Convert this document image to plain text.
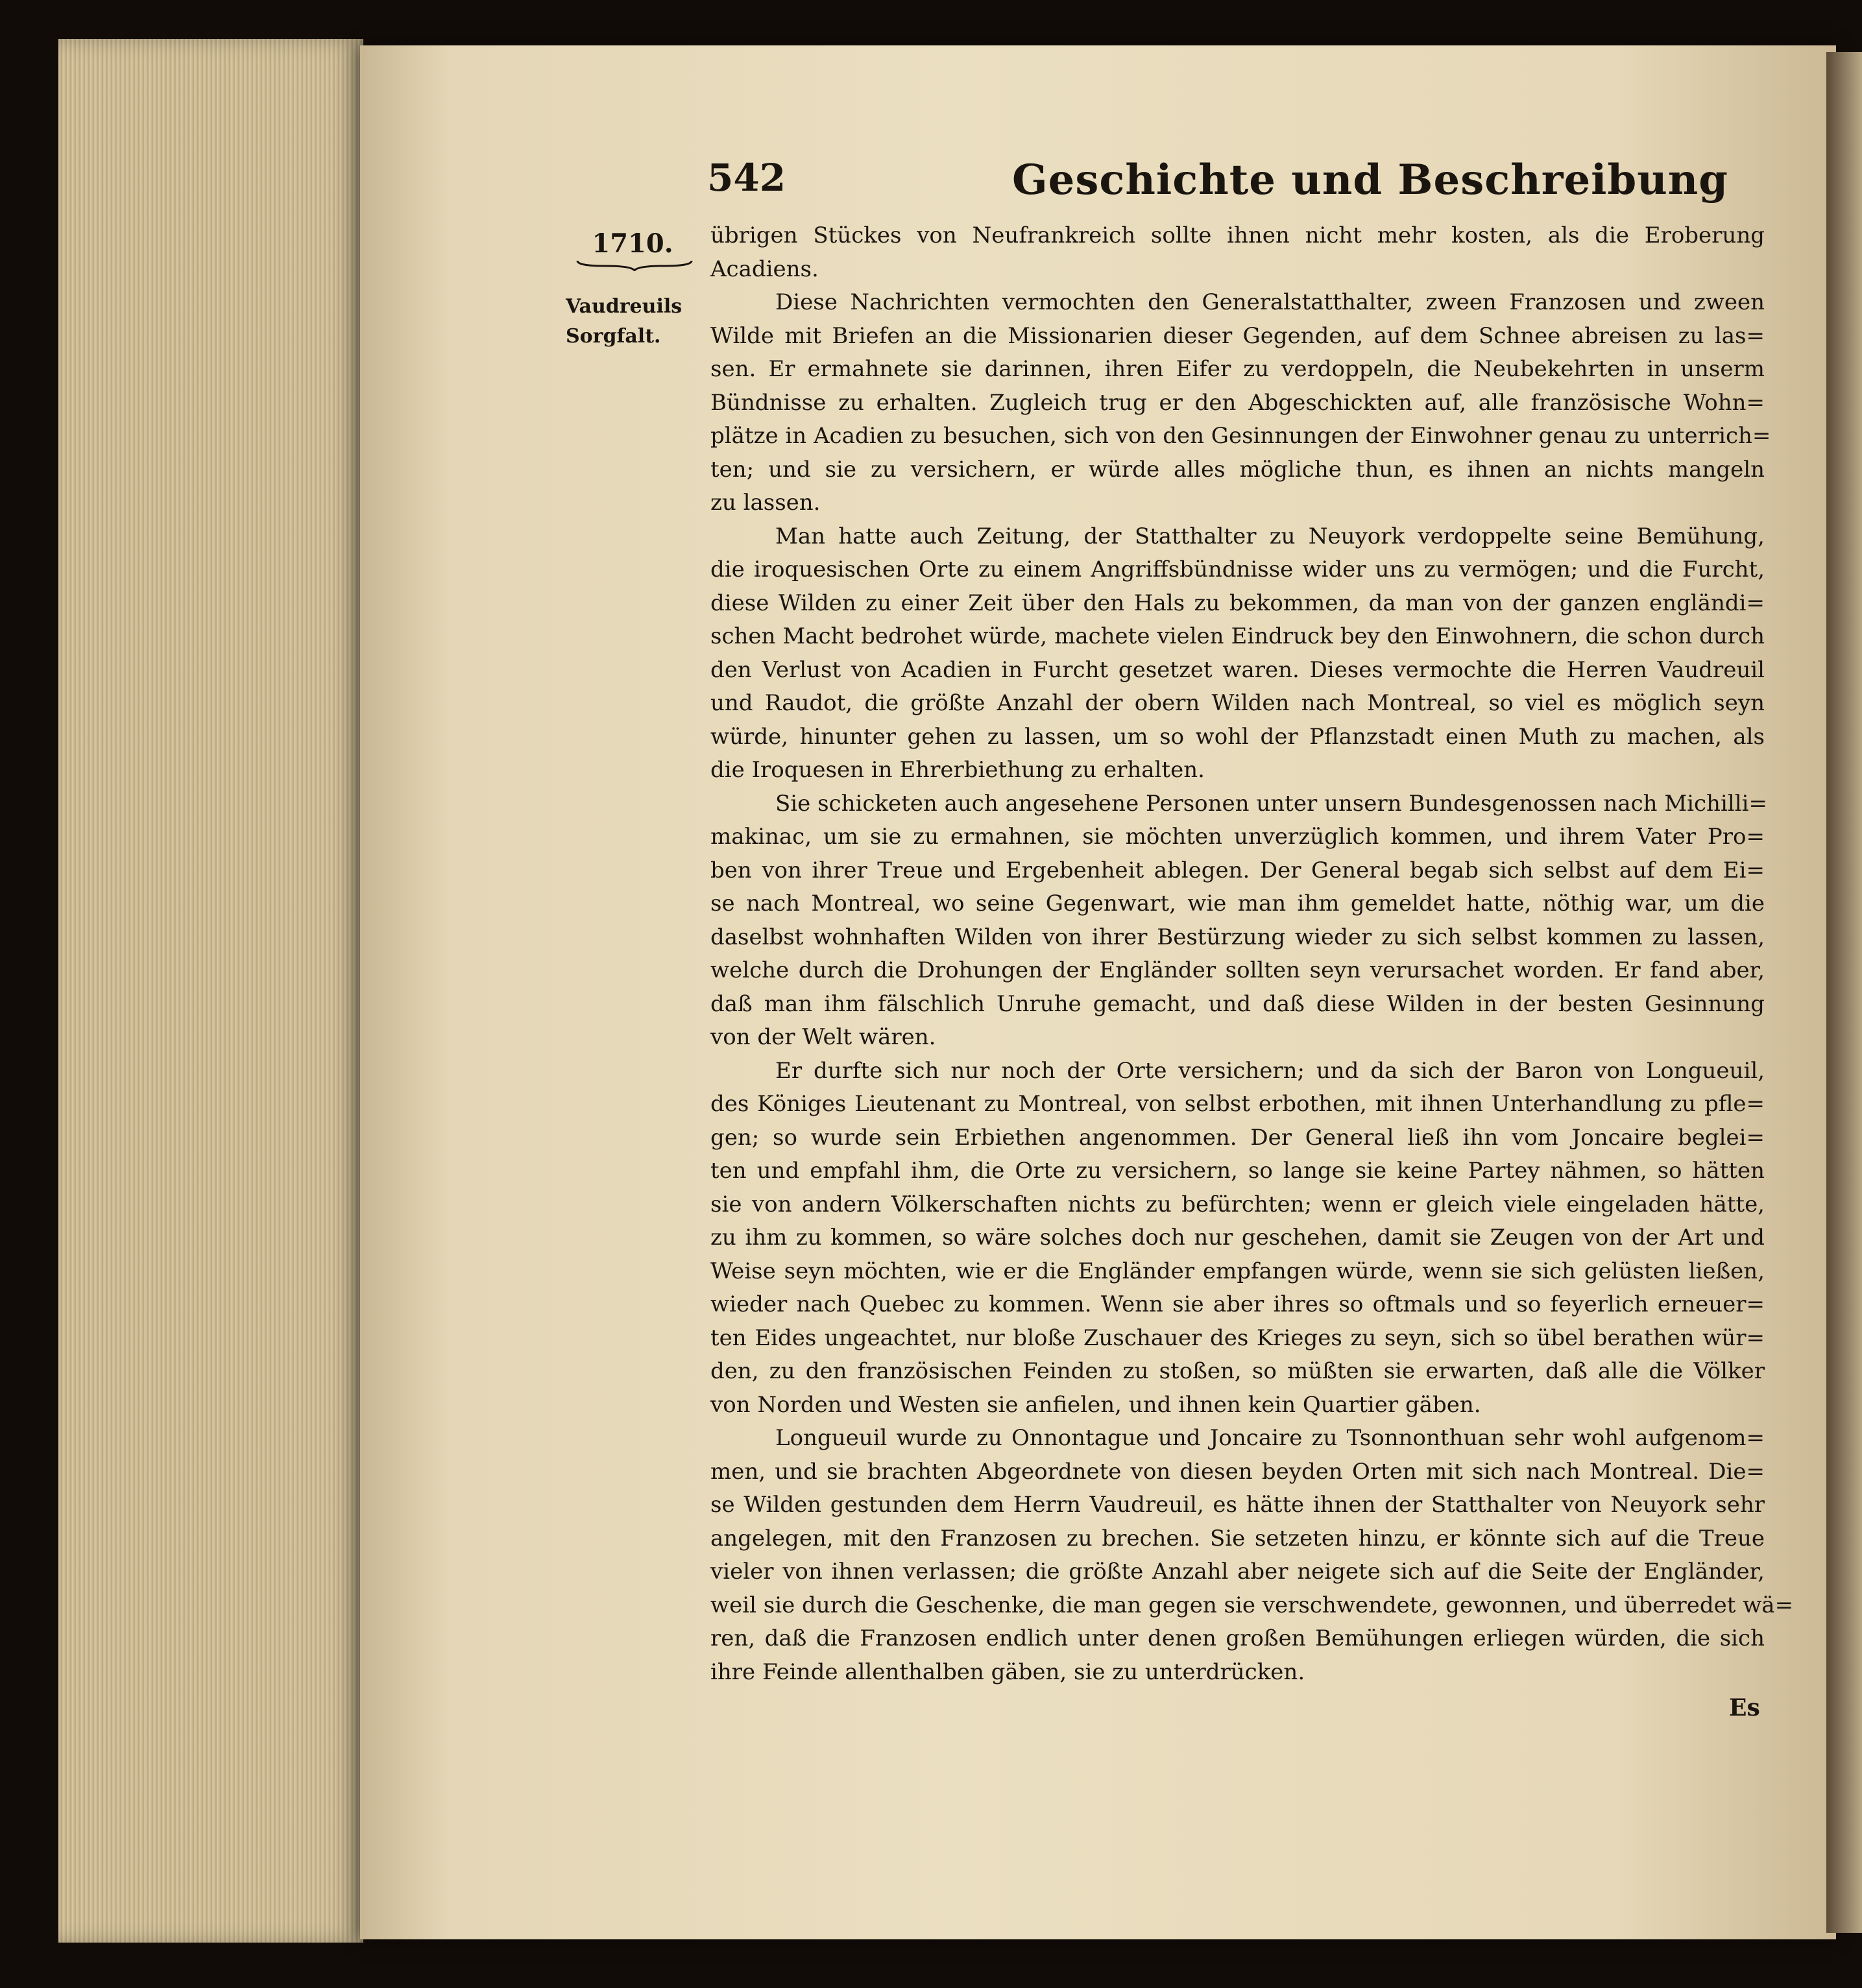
542	Geschichte und Beschreibung
1710.
Vaudreuils
Sorgfalt.
übrigen Stückes von Neufrankreich sollte ihnen nicht mehr kosten, als die Eroberung
Acadiens.
Diese Nachrichten vermochten den Generalstatthalter, zween Franzosen und zween
Wilde mit Briefen an die Missionarien dieser Gegenden, auf dem Schnee abreisen zu las=
sen. Er ermahnete sie darinnen, ihren Eifer zu verdoppeln, die Neubekehrten in unserm
Bündnisse zu erhalten. Zugleich trug er den Abgeschickten auf, alle französische Wohn=
plätze in Acadien zu besuchen, sich von den Gesinnungen der Einwohner genau zu unterrich=
ten; und sie zu versichern, er würde alles mögliche thun, es ihnen an nichts mangeln
zu lassen.
Man hatte auch Zeitung, der Statthalter zu Neuyork verdoppelte seine Bemühung,
die iroquesischen Orte zu einem Angriffsbündnisse wider uns zu vermögen; und die Furcht,
diese Wilden zu einer Zeit über den Hals zu bekommen, da man von der ganzen engländi=
schen Macht bedrohet würde, machete vielen Eindruck bey den Einwohnern, die schon durch
den Verlust von Acadien in Furcht gesetzet waren. Dieses vermochte die Herren Vaudreuil
und Raudot, die größte Anzahl der obern Wilden nach Montreal, so viel es möglich seyn
würde, hinunter gehen zu lassen, um so wohl der Pflanzstadt einen Muth zu machen, als
die Iroquesen in Ehrerbiethung zu erhalten.
Sie schicketen auch angesehene Personen unter unsern Bundesgenossen nach Michilli=
makinac, um sie zu ermahnen, sie möchten unverzüglich kommen, und ihrem Vater Pro=
ben von ihrer Treue und Ergebenheit ablegen. Der General begab sich selbst auf dem Ei=
se nach Montreal, wo seine Gegenwart, wie man ihm gemeldet hatte, nöthig war, um die
daselbst wohnhaften Wilden von ihrer Bestürzung wieder zu sich selbst kommen zu lassen,
welche durch die Drohungen der Engländer sollten seyn verursachet worden. Er fand aber,
daß man ihm fälschlich Unruhe gemacht, und daß diese Wilden in der besten Gesinnung
von der Welt wären.
Er durfte sich nur noch der Orte versichern; und da sich der Baron von Longueuil,
des Königes Lieutenant zu Montreal, von selbst erbothen, mit ihnen Unterhandlung zu pfle=
gen; so wurde sein Erbiethen angenommen. Der General ließ ihn vom Joncaire beglei=
ten und empfahl ihm, die Orte zu versichern, so lange sie keine Partey nähmen, so hätten
sie von andern Völkerschaften nichts zu befürchten; wenn er gleich viele eingeladen hätte,
zu ihm zu kommen, so wäre solches doch nur geschehen, damit sie Zeugen von der Art und
Weise seyn möchten, wie er die Engländer empfangen würde, wenn sie sich gelüsten ließen,
wieder nach Quebec zu kommen. Wenn sie aber ihres so oftmals und so feyerlich erneuer=
ten Eides ungeachtet, nur bloße Zuschauer des Krieges zu seyn, sich so übel berathen wür=
den, zu den französischen Feinden zu stoßen, so müßten sie erwarten, daß alle die Völker
von Norden und Westen sie anfielen, und ihnen kein Quartier gäben.
Longueuil wurde zu Onnontague und Joncaire zu Tsonnonthuan sehr wohl aufgenom=
men, und sie brachten Abgeordnete von diesen beyden Orten mit sich nach Montreal. Die=
se Wilden gestunden dem Herrn Vaudreuil, es hätte ihnen der Statthalter von Neuyork sehr
angelegen, mit den Franzosen zu brechen. Sie setzeten hinzu, er könnte sich auf die Treue
vieler von ihnen verlassen; die größte Anzahl aber neigete sich auf die Seite der Engländer,
weil sie durch die Geschenke, die man gegen sie verschwendete, gewonnen, und überredet wä=
ren, daß die Franzosen endlich unter denen großen Bemühungen erliegen würden, die sich
ihre Feinde allenthalben gäben, sie zu unterdrücken.
Es
